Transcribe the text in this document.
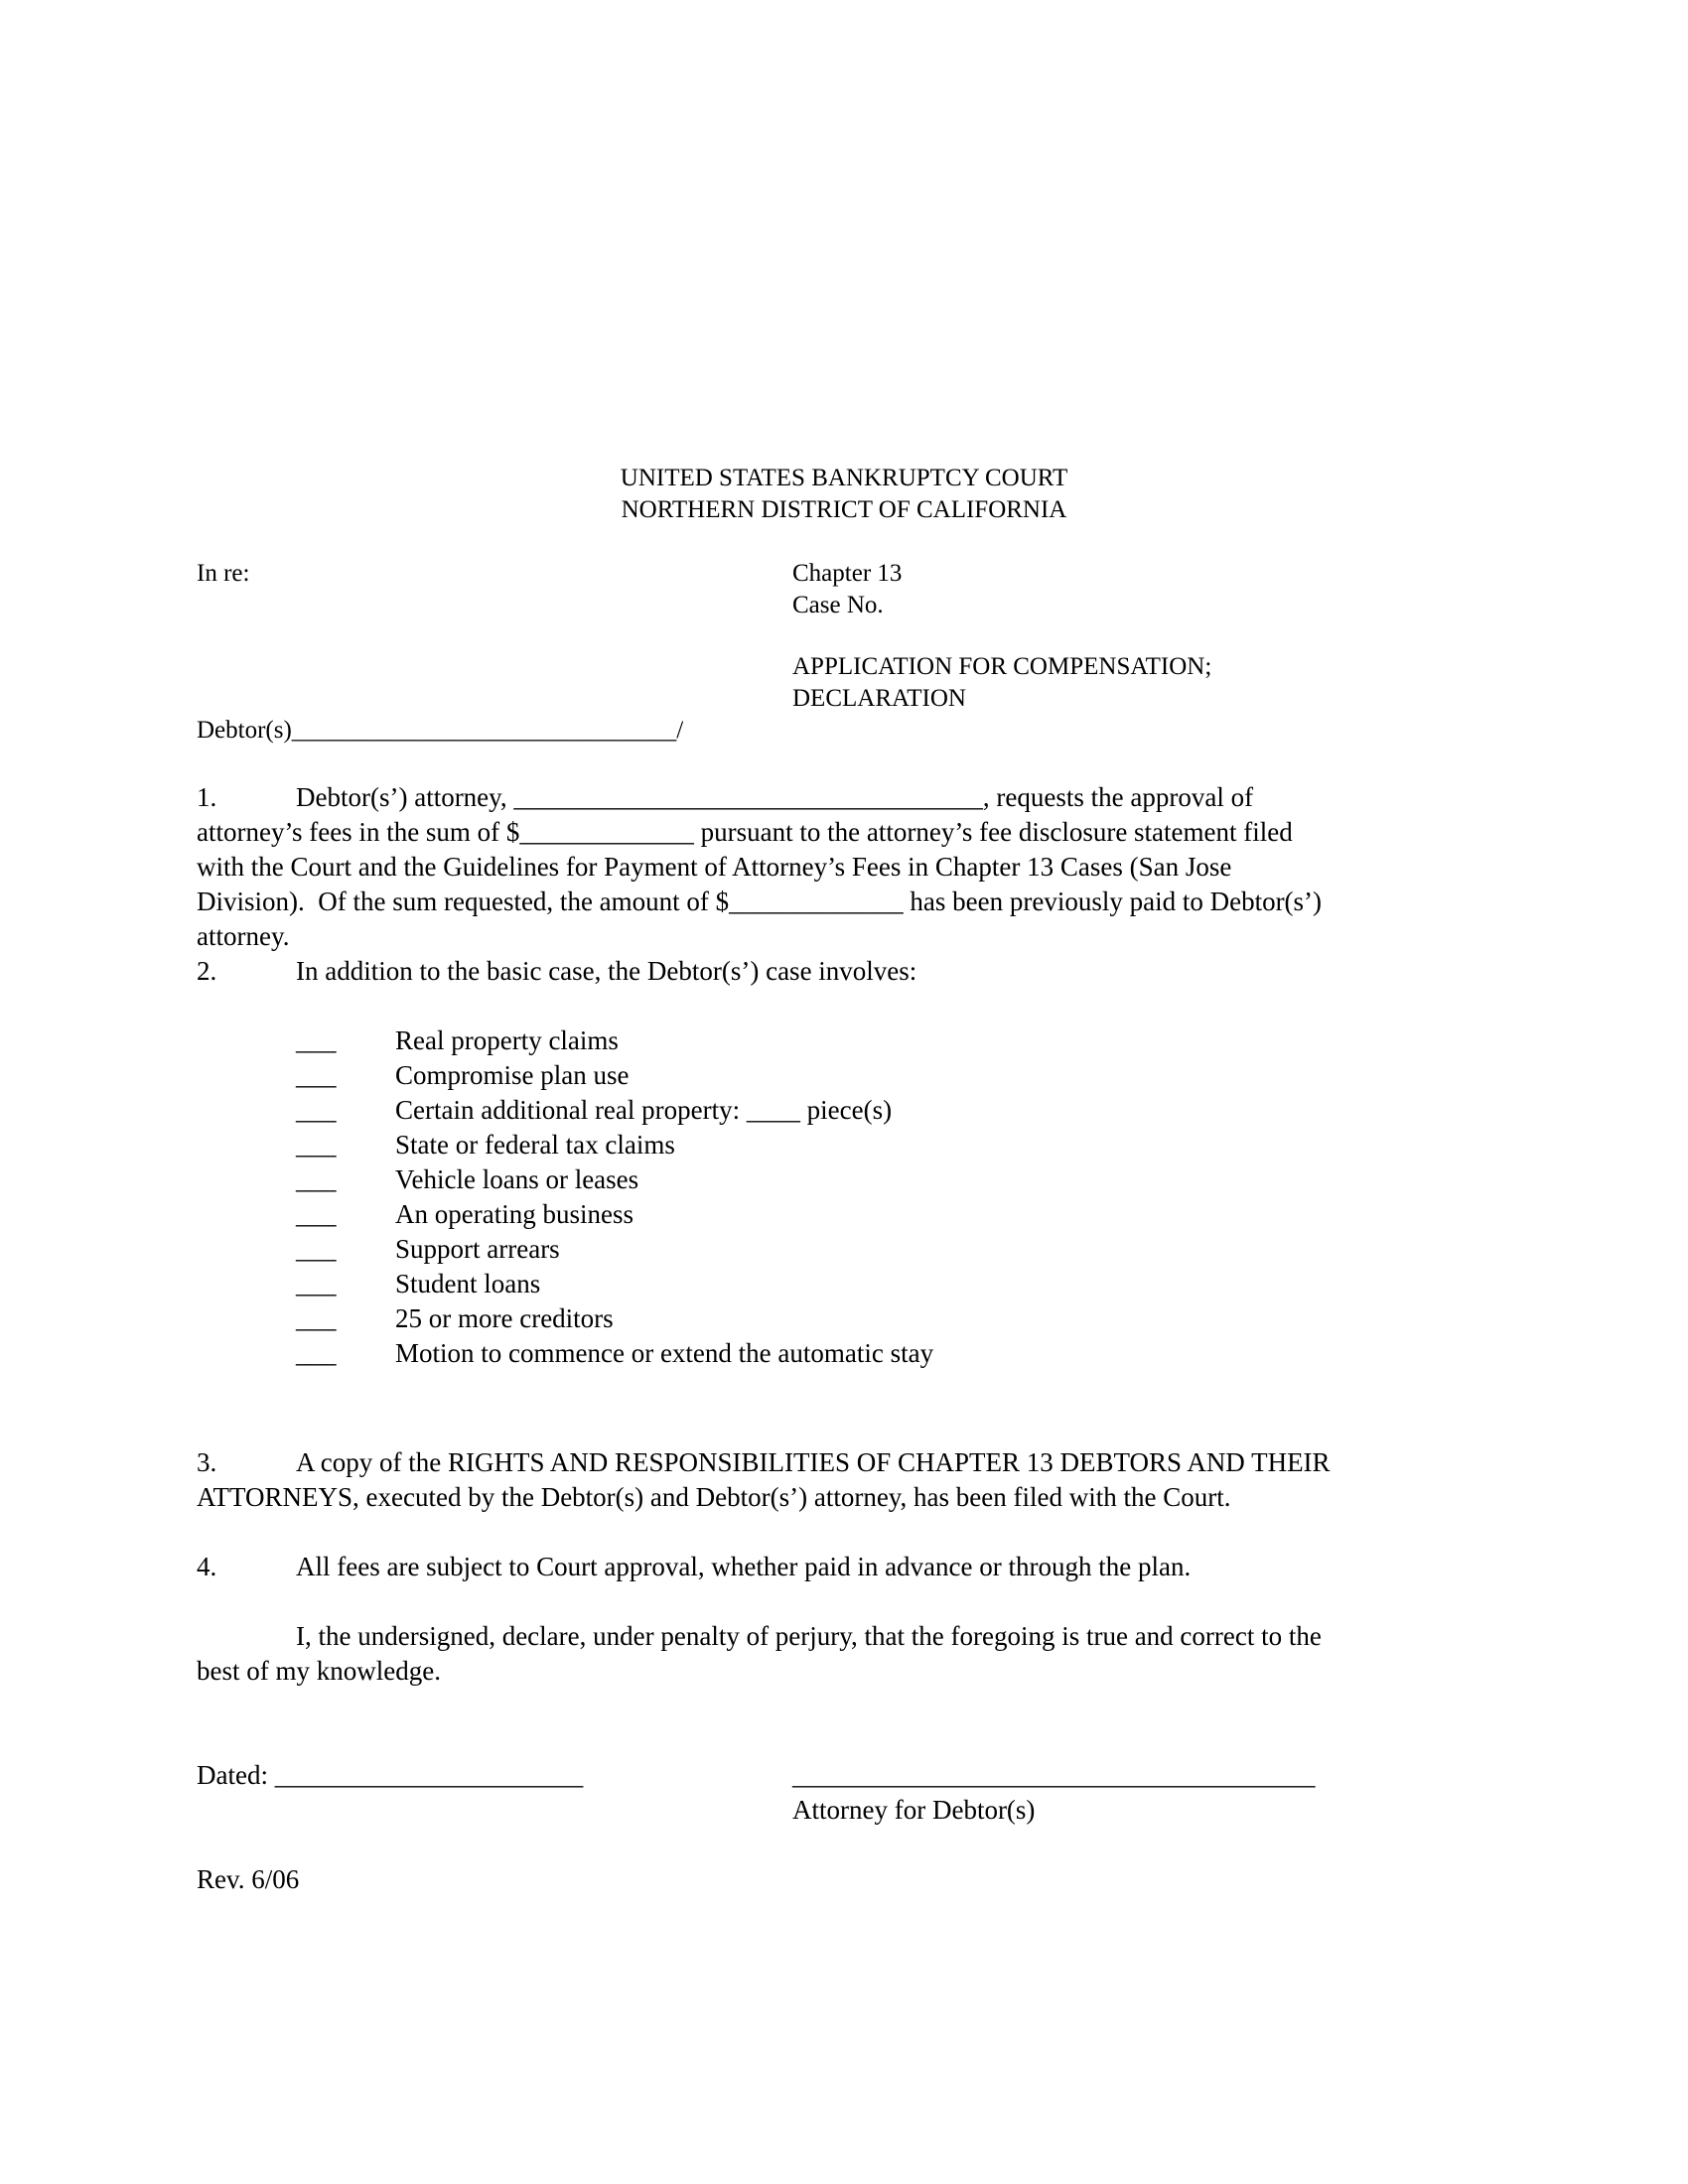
UNITED STATES BANKRUPTCY COURT
NORTHERN DISTRICT OF CALIFORNIA
In re:	Chapter 13
Case No.
APPLICATION FOR COMPENSATION;
DECLARATION
Debtor(s)_______________________________/
1.	Debtor(s’) attorney, ___________________________________, requests the approval of
attorney’s fees in the sum of $_____________ pursuant to the attorney’s fee disclosure statement filed
with the Court and the Guidelines for Payment of Attorney’s Fees in Chapter 13 Cases (San Jose
Division).  Of the sum requested, the amount of $_____________ has been previously paid to Debtor(s’)
attorney.
2.	In addition to the basic case, the Debtor(s’) case involves:
___ Real property claims
___ Compromise plan use
___ Certain additional real property: ____ piece(s)
___ State or federal tax claims
___ Vehicle loans or leases
___ An operating business
___ Support arrears
___ Student loans
___ 25 or more creditors
___ Motion to commence or extend the automatic stay
3.	A copy of the RIGHTS AND RESPONSIBILITIES OF CHAPTER 13 DEBTORS AND THEIR
ATTORNEYS, executed by the Debtor(s) and Debtor(s’) attorney, has been filed with the Court.
4.	All fees are subject to Court approval, whether paid in advance or through the plan.
I, the undersigned, declare, under penalty of perjury, that the foregoing is true and correct to the
best of my knowledge.
Dated: _______________________	_______________________________________
Attorney for Debtor(s)
Rev. 6/06
